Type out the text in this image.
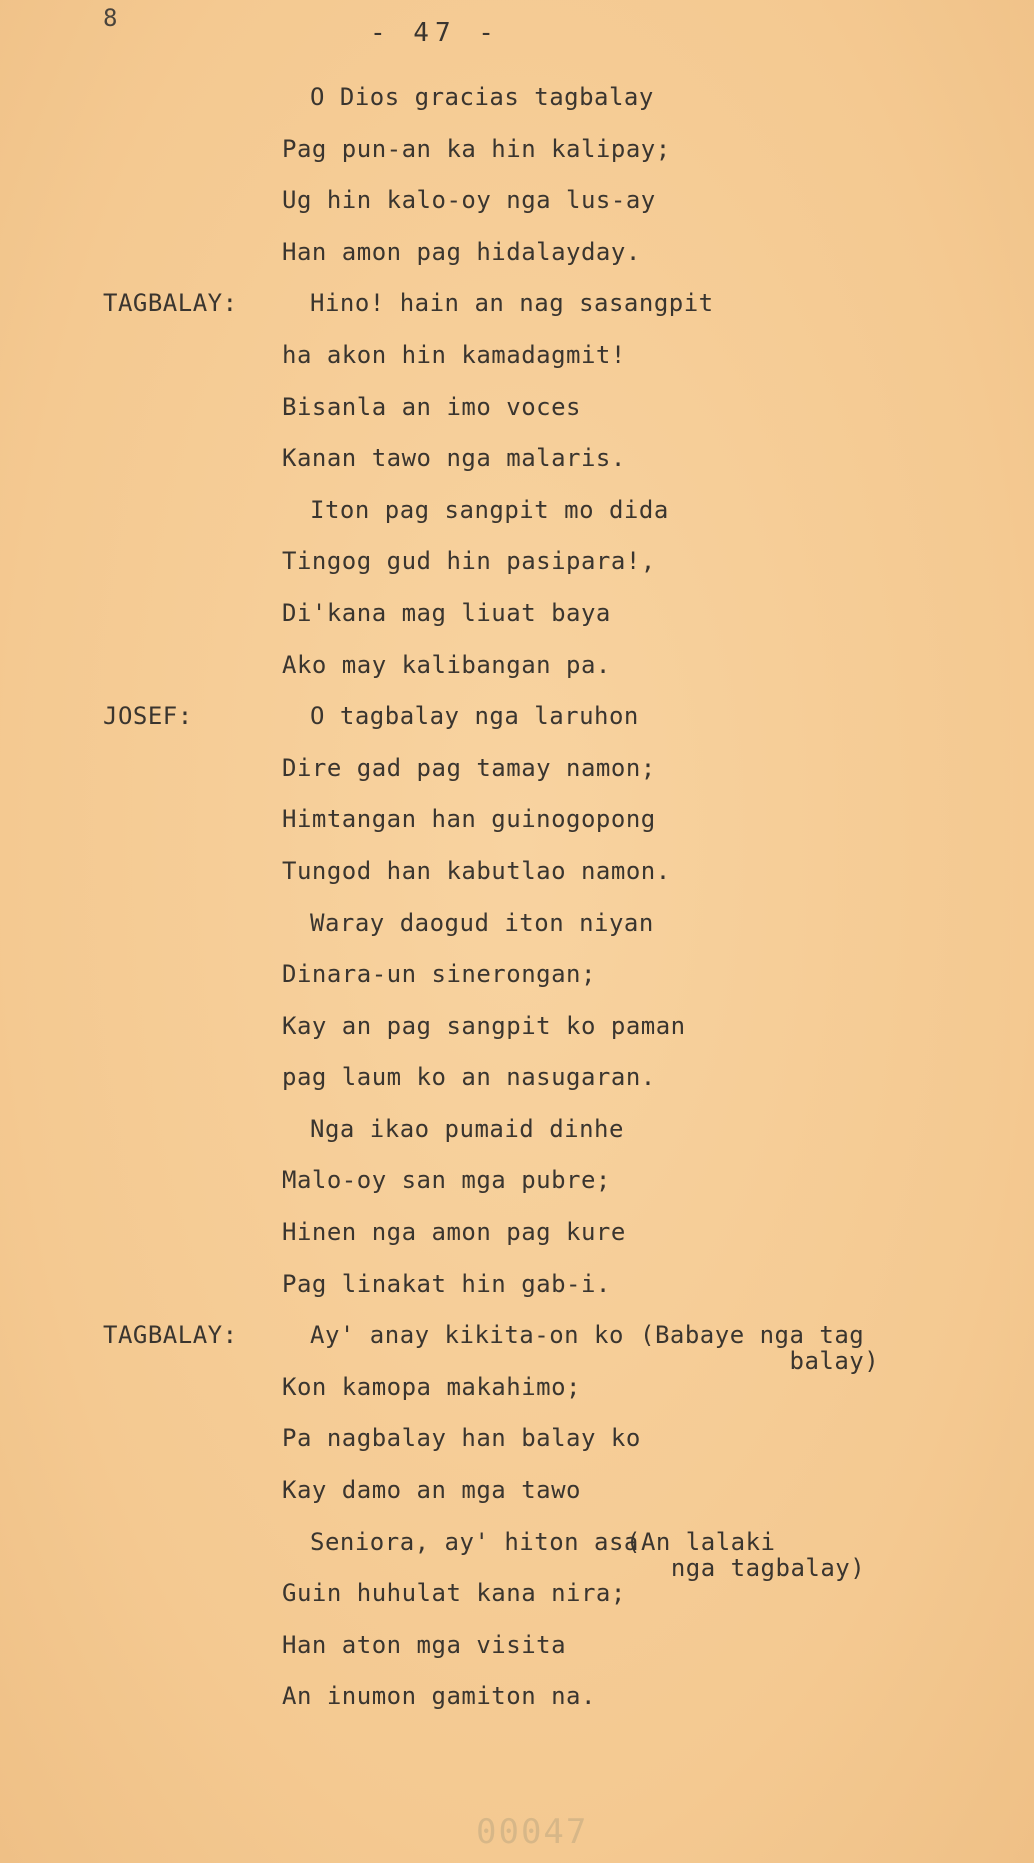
8	- 47 -
O Dios gracias tagbalay
Pag pun-an ka hin kalipay;
Ug hin kalo-oy nga lus-ay
Han amon pag hidalayday.
TAGBALAY:	Hino! hain an nag sasangpit
ha akon hin kamadagmit!
Bisanla an imo voces
Kanan tawo nga malaris.
Iton pag sangpit mo dida
Tingog gud hin pasipara!,
Di'kana mag liuat baya
Ako may kalibangan pa.
JOSEF:	O tagbalay nga laruhon
Dire gad pag tamay namon;
Himtangan han guinogopong
Tungod han kabutlao namon.
Waray daogud iton niyan
Dinara-un sinerongan;
Kay an pag sangpit ko paman
pag laum ko an nasugaran.
Nga ikao pumaid dinhe
Malo-oy san mga pubre;
Hinen nga amon pag kure
Pag linakat hin gab-i.
TAGBALAY:	Ay' anay kikita-on ko (Babaye nga tag
balay)
Kon kamopa makahimo;
Pa nagbalay han balay ko
Kay damo an mga tawo
Seniora, ay' hiton asa
(An lalaki
nga tagbalay)
Guin huhulat kana nira;
Han aton mga visita
An inumon gamiton na.
00047
